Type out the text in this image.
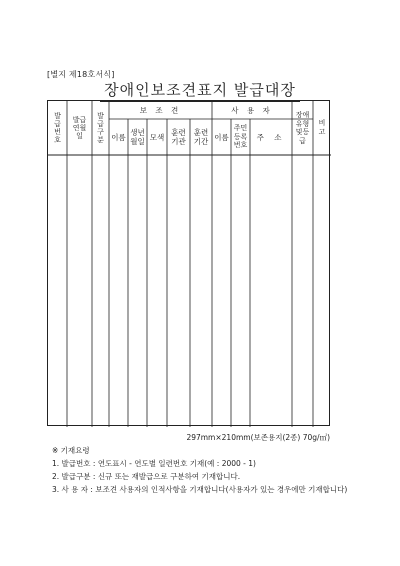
[별지 제18호서식]
장애인보조견표지 발급대장
발급번호
발급연월일
발급구분
보 조 견	사 용 자
이름 생년월일 모색 훈련기관
훈련기간 이름
주민등록번호
주 소
장애유형및등급
비고
297mm×210mm(보존용지(2종) 70g/㎡)
※ 기재요령
1. 발급번호 : 연도표시 - 연도별 일련번호 기재(예 : 2000 - 1)
2. 발급구분 : 신규 또는 재발급으로 구분하여 기재합니다.
3. 사 용 자 : 보조견 사용자의 인적사항을 기재합니다(사용자가 있는 경우에만 기재합니다)
